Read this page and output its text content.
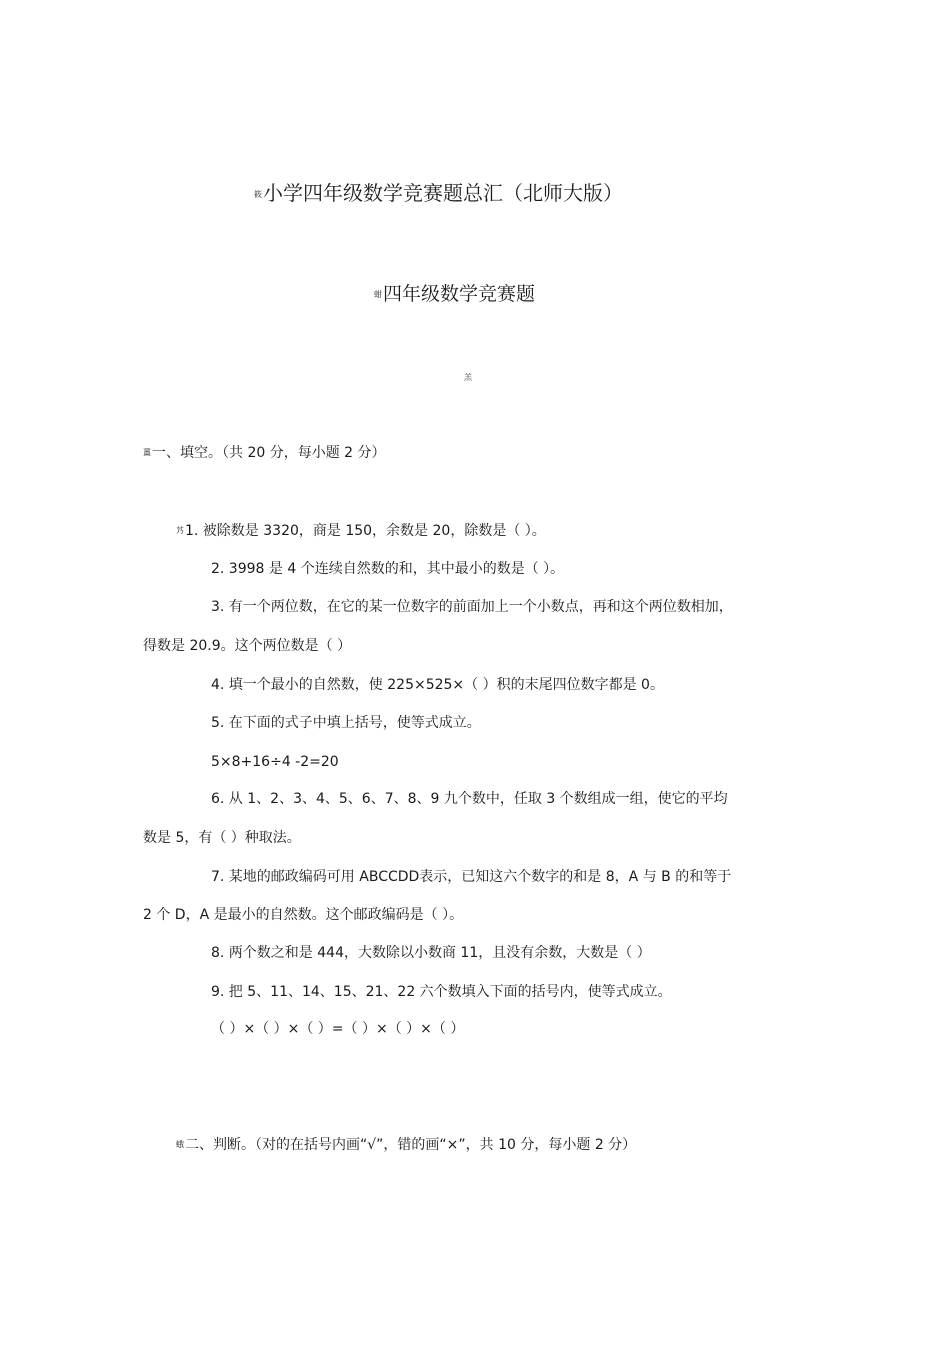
筱小学四年级数学竞赛题总汇（北师大版）
蚶四年级数学竞赛题
羔
薑一、填空。（共 20 分，每小题 2 分）
艿1. 被除数是 3320，商是 150，余数是 20，除数是（ ）。
2. 3998 是 4 个连续自然数的和，其中最小的数是（ ）。
3. 有一个两位数，在它的某一位数字的前面加上一个小数点，再和这个两位数相加，
得数是 20.9。这个两位数是（ ）
4. 填一个最小的自然数，使 225×525×（ ）积的末尾四位数字都是 0。
5. 在下面的式子中填上括号，使等式成立。
5×8+16÷4 -2=20
6. 从 1、2、3、4、5、6、7、8、9 九个数中，任取 3 个数组成一组，使它的平均
数是 5，有（ ）种取法。
7. 某地的邮政编码可用 ABCCDD表示，已知这六个数字的和是 8，A 与 B 的和等于
2 个 D，A 是最小的自然数。这个邮政编码是（ ）。
8. 两个数之和是 444，大数除以小数商 11，且没有余数，大数是（ ）
9. 把 5、11、14、15、21、22 六个数填入下面的括号内，使等式成立。
（ ）×（ ）×（ ）=（ ）×（ ）×（ ）
蛾二、判断。（对的在括号内画“√”，错的画“×”，共 10 分，每小题 2 分）
